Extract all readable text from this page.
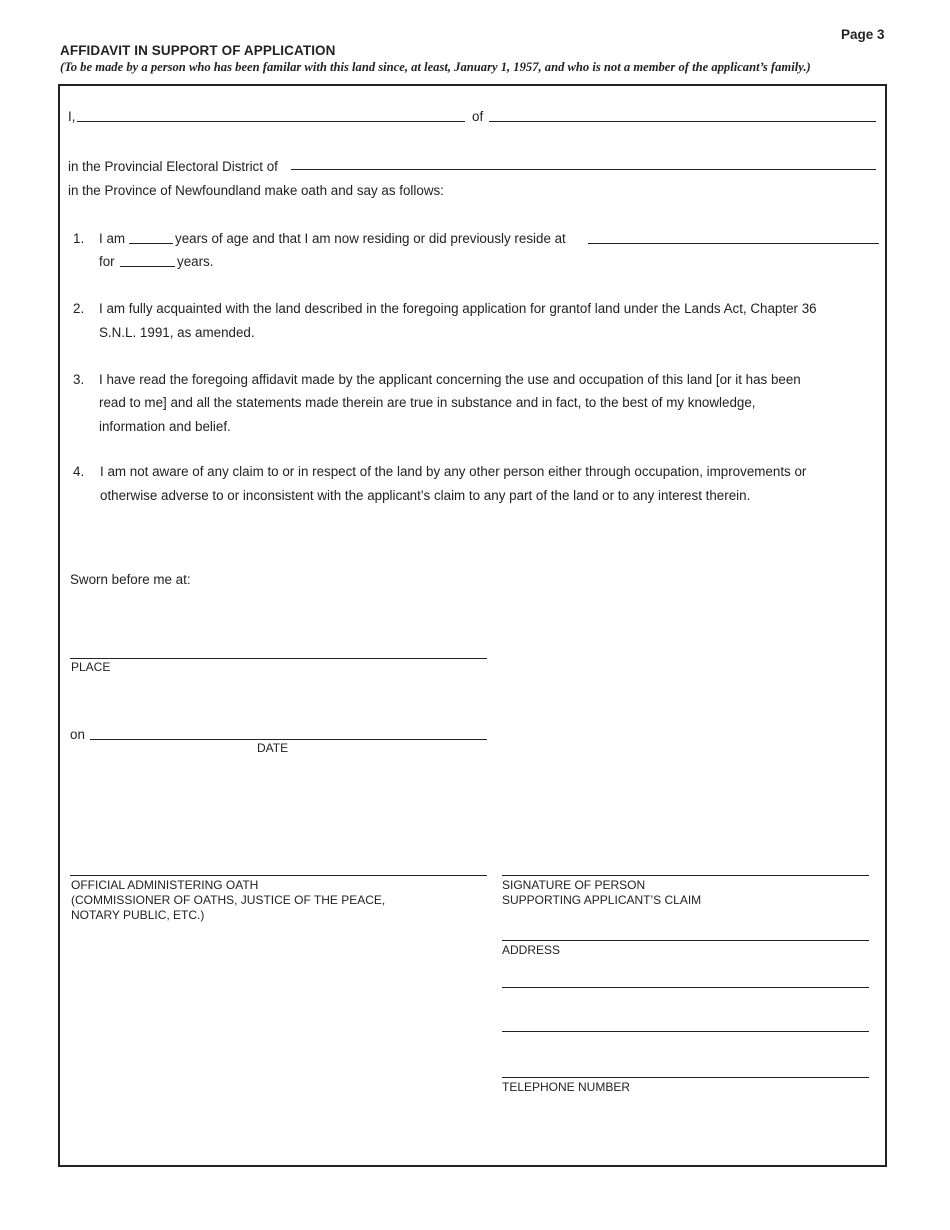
Page 3
AFFIDAVIT IN SUPPORT OF APPLICATION
(To be made by a person who has been familar with this land since, at least, January 1, 1957, and who is not a member of the applicant’s family.)
I,	of
in the Provincial Electoral District of
in the Province of Newfoundland make oath and say as follows:
1. I am	years of age and that I am now residing or did previously reside at
for	years.
2. I am fully acquainted with the land described in the foregoing application for grantof land under the Lands Act, Chapter 36
S.N.L. 1991, as amended.
3. I have read the foregoing affidavit made by the applicant concerning the use and occupation of this land [or it has been
read to me] and all the statements made therein are true in substance and in fact, to the best of my knowledge,
information and belief.
4. I am not aware of any claim to or in respect of the land by any other person either through occupation, improvements or
otherwise adverse to or inconsistent with the applicant’s claim to any part of the land or to any interest therein.
Sworn before me at:
PLACE
on
DATE
OFFICIAL ADMINISTERING OATH
(COMMISSIONER OF OATHS, JUSTICE OF THE PEACE,
NOTARY PUBLIC, ETC.)
SIGNATURE OF PERSON
SUPPORTING APPLICANT’S CLAIM
ADDRESS
TELEPHONE NUMBER
